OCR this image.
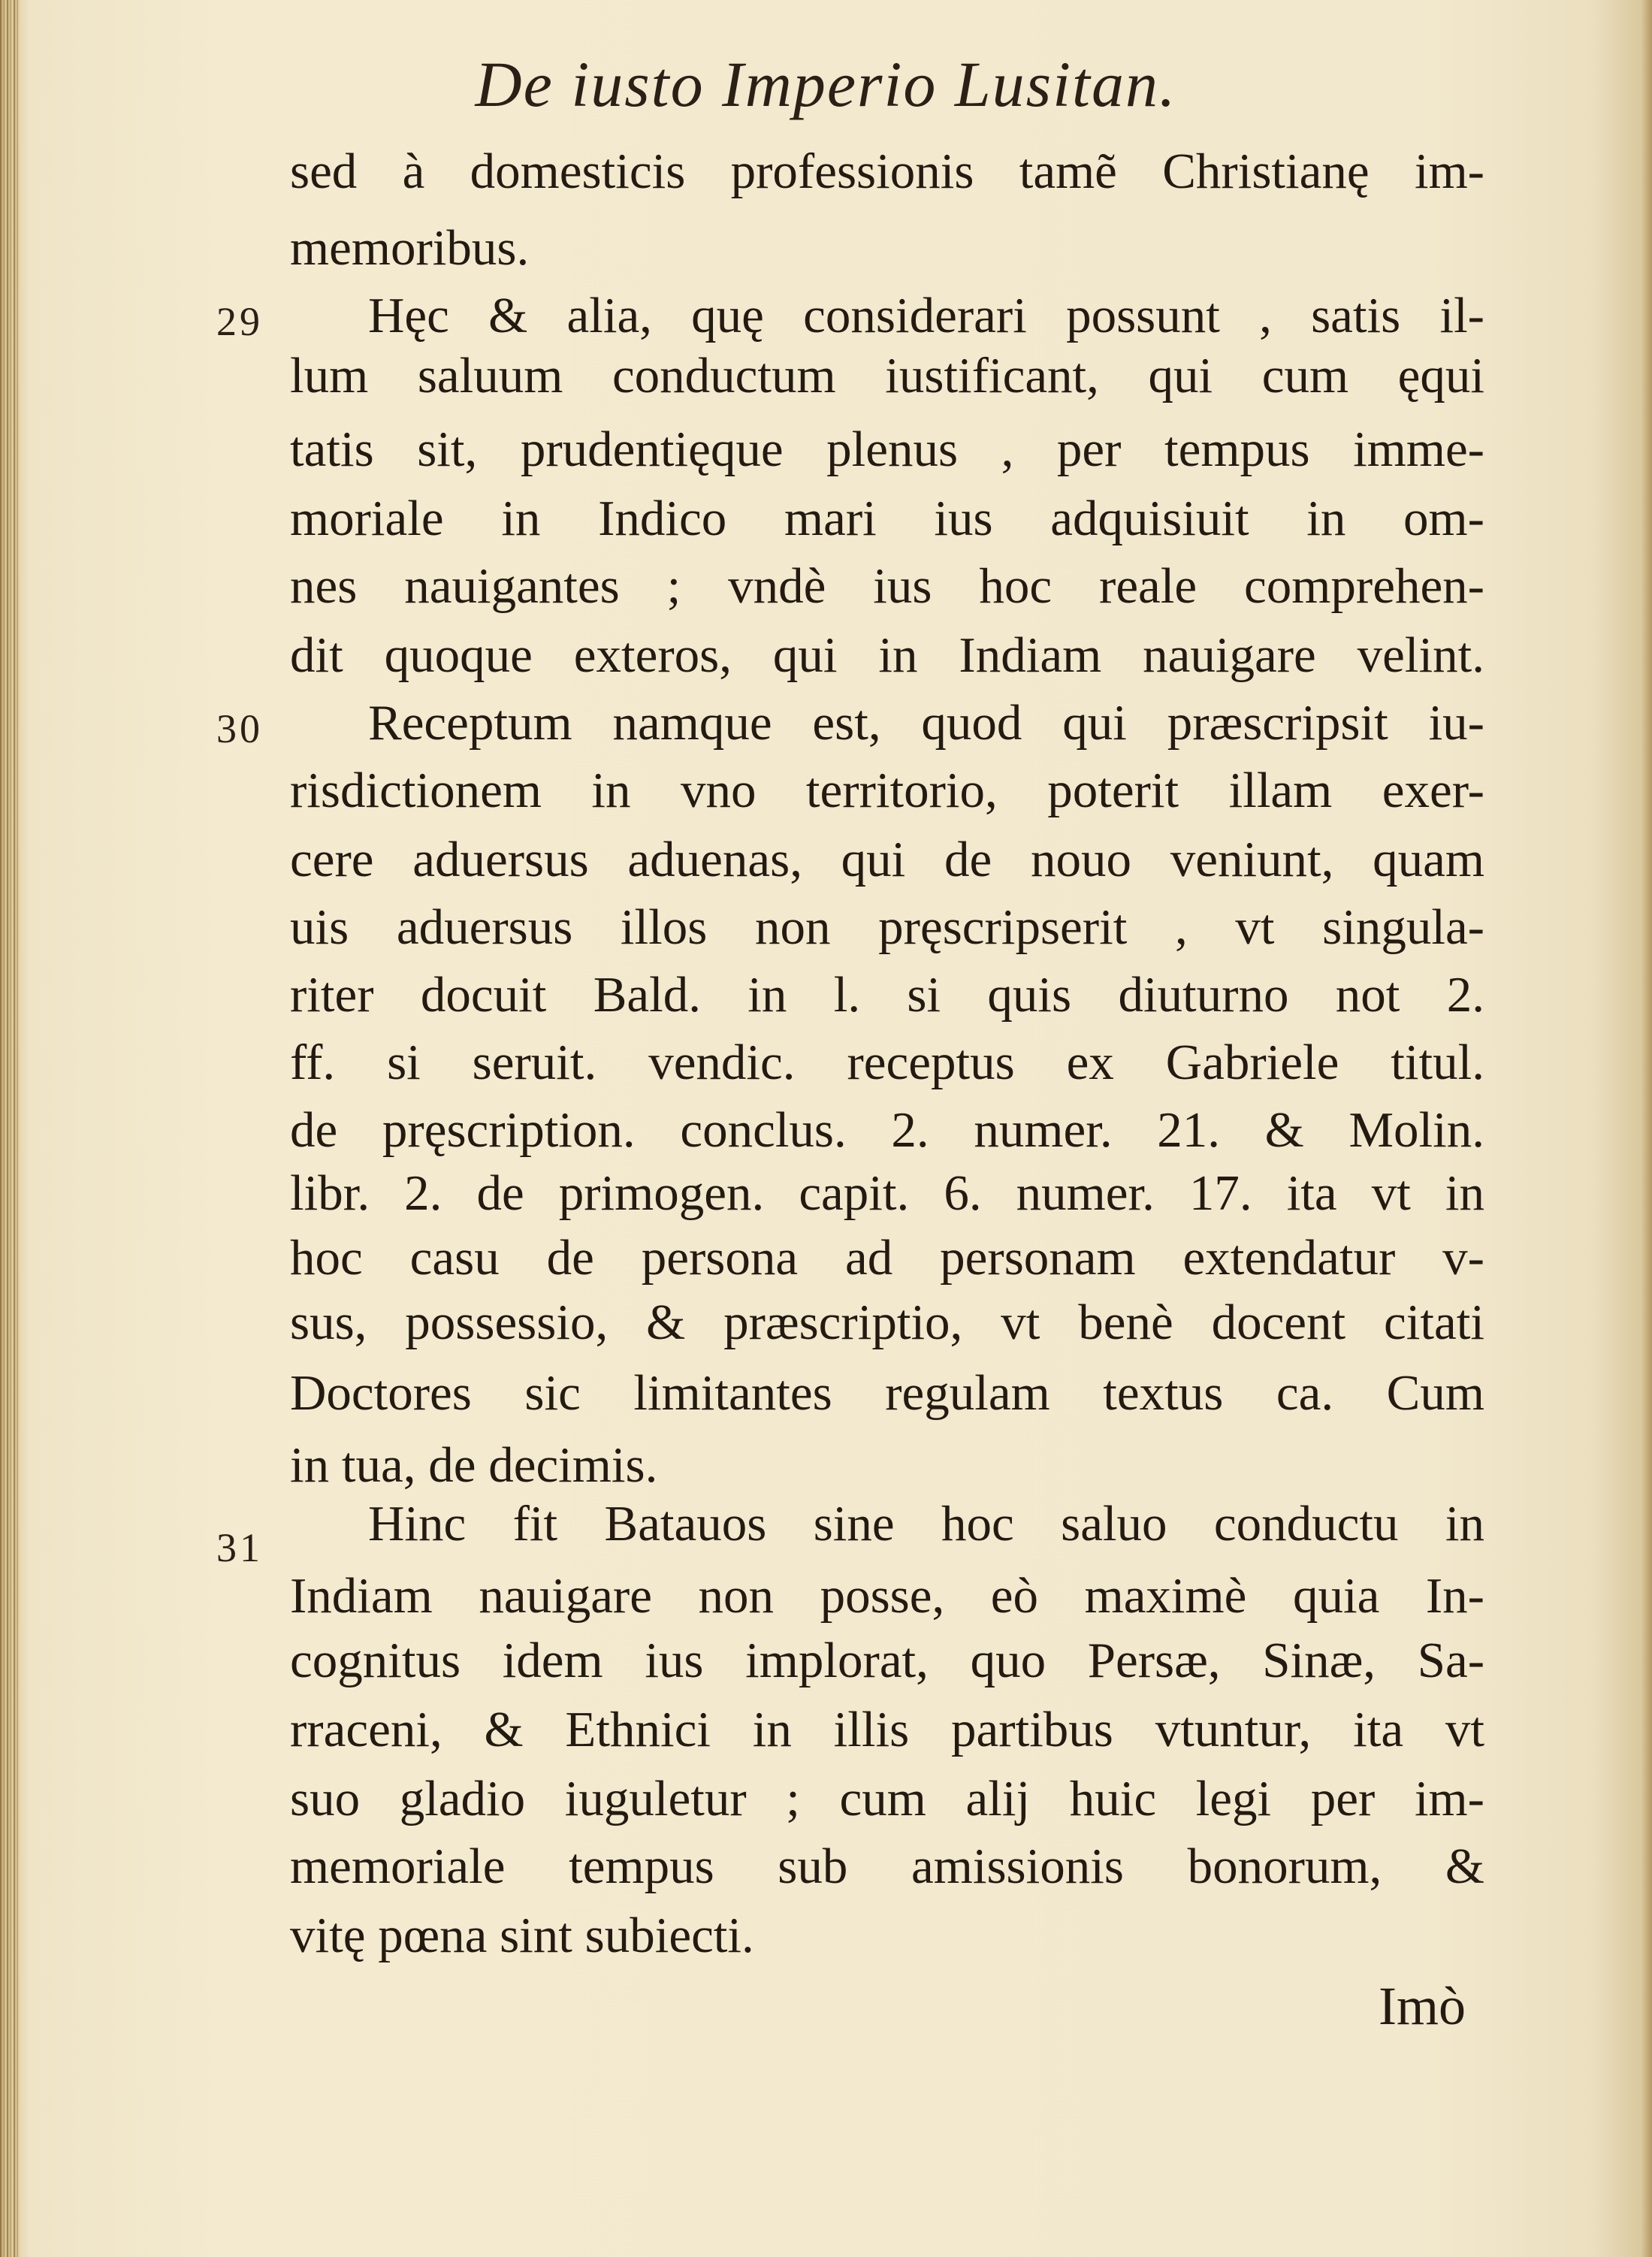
De iusto Imperio Lusitan.
sed à domesticis professionis tamẽ Christianę im-
memoribus.
29 Hęc & alia, quę considerari possunt , satis il-
lum saluum conductum iustificant, qui cum ęqui
tatis sit, prudentięque plenus , per tempus imme-
moriale in Indico mari ius adquisiuit in om-
nes nauigantes ; vndè ius hoc reale comprehen-
dit quoque exteros, qui in Indiam nauigare velint.
30 Receptum namque est, quod qui præscripsit iu-
risdictionem in vno territorio, poterit illam exer-
cere aduersus aduenas, qui de nouo veniunt, quam
uis aduersus illos non pręscripserit , vt singula-
riter docuit Bald. in l. si quis diuturno not 2.
ff. si seruit. vendic. receptus ex Gabriele titul.
de pręscription. conclus. 2. numer. 21. & Molin.
libr. 2. de primogen. capit. 6. numer. 17. ita vt in
hoc casu de persona ad personam extendatur v-
sus, possessio, & præscriptio, vt benè docent citati
Doctores sic limitantes regulam textus ca. Cum
in tua, de decimis.
31 Hinc fit Batauos sine hoc saluo conductu in
Indiam nauigare non posse, eò maximè quia In-
cognitus idem ius implorat, quo Persæ, Sinæ, Sa-
rraceni, & Ethnici in illis partibus vtuntur, ita vt
suo gladio iuguletur ; cum alij huic legi per im-
memoriale tempus sub amissionis bonorum, &
vitę pœna sint subiecti.
Imò
